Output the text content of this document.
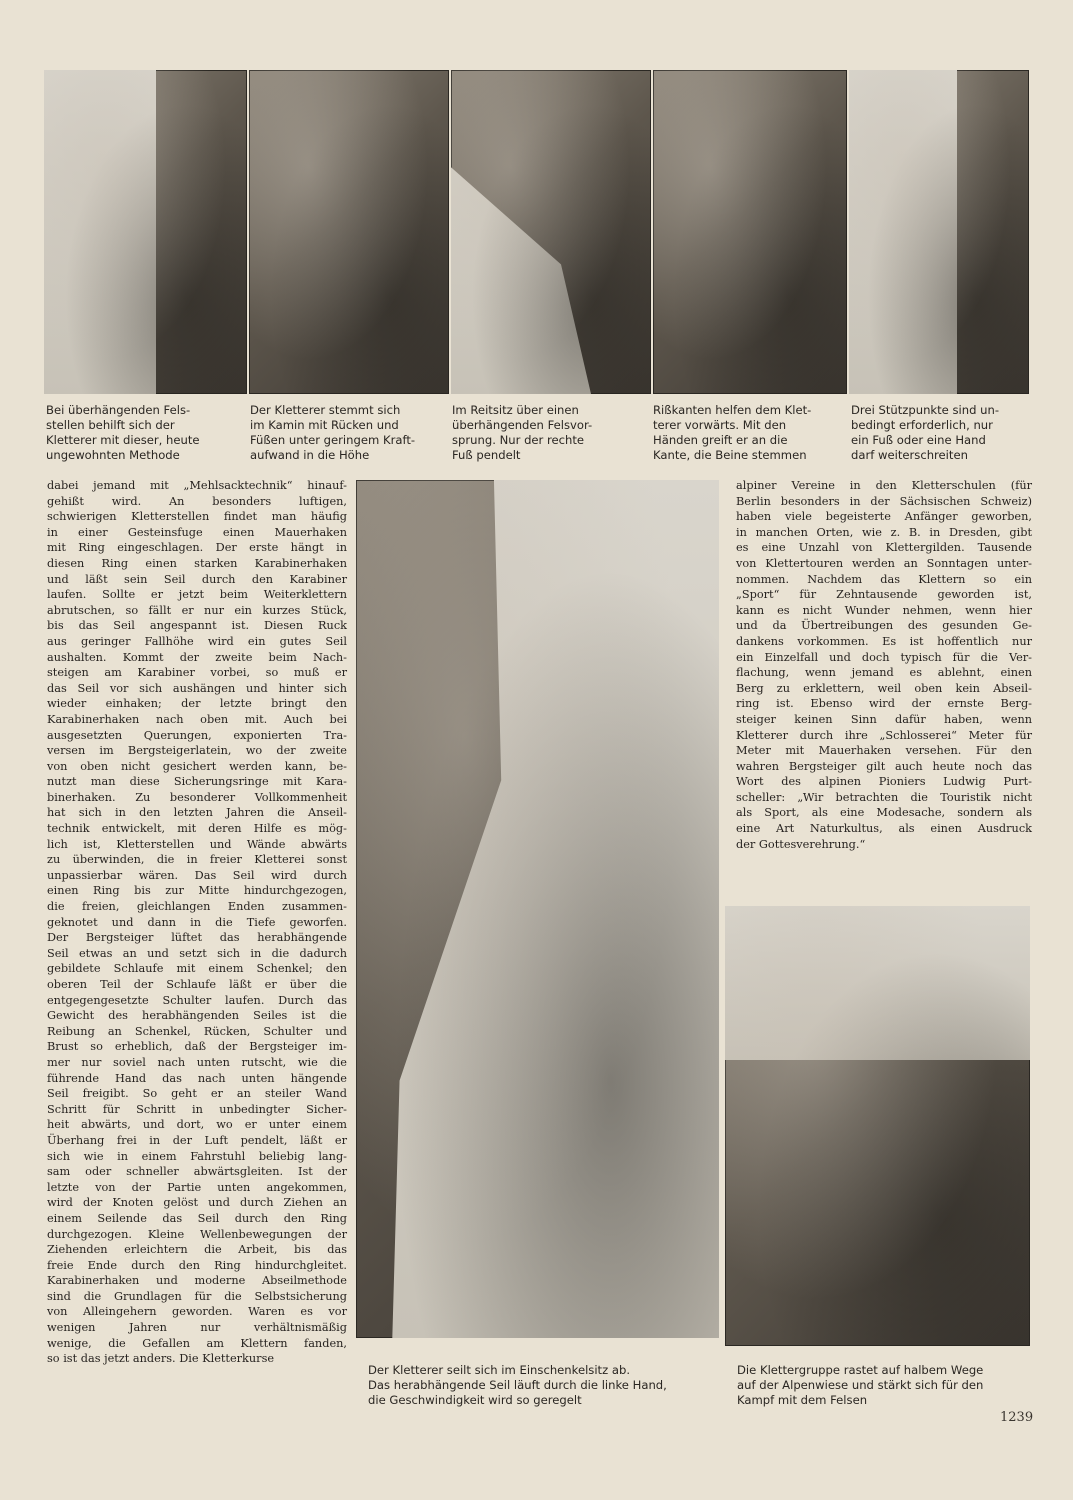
Bei überhängenden Fels-
stellen behilft sich der
Kletterer mit dieser, heute
ungewohnten Methode
Der Kletterer stemmt sich
im Kamin mit Rücken und
Füßen unter geringem Kraft-
aufwand in die Höhe
Im Reitsitz über einen
überhängenden Felsvor-
sprung. Nur der rechte
Fuß pendelt
Rißkanten helfen dem Klet-
terer vorwärts. Mit den
Händen greift er an die
Kante, die Beine stemmen
Drei Stützpunkte sind un-
bedingt erforderlich, nur
ein Fuß oder eine Hand
darf weiterschreiten
dabei jemand mit „Mehlsacktechnik“ hinauf-
gehißt wird. An besonders luftigen,
schwierigen Kletterstellen findet man häufig
in einer Gesteinsfuge einen Mauerhaken
mit Ring eingeschlagen. Der erste hängt in
diesen Ring einen starken Karabinerhaken
und läßt sein Seil durch den Karabiner
laufen. Sollte er jetzt beim Weiterklettern
abrutschen, so fällt er nur ein kurzes Stück,
bis das Seil angespannt ist. Diesen Ruck
aus geringer Fallhöhe wird ein gutes Seil
aushalten. Kommt der zweite beim Nach-
steigen am Karabiner vorbei, so muß er
das Seil vor sich aushängen und hinter sich
wieder einhaken; der letzte bringt den
Karabinerhaken nach oben mit. Auch bei
ausgesetzten Querungen, exponierten Tra-
versen im Bergsteigerlatein, wo der zweite
von oben nicht gesichert werden kann, be-
nutzt man diese Sicherungsringe mit Kara-
binerhaken. Zu besonderer Vollkommenheit
hat sich in den letzten Jahren die Anseil-
technik entwickelt, mit deren Hilfe es mög-
lich ist, Kletterstellen und Wände abwärts
zu überwinden, die in freier Kletterei sonst
unpassierbar wären. Das Seil wird durch
einen Ring bis zur Mitte hindurchgezogen,
die freien, gleichlangen Enden zusammen-
geknotet und dann in die Tiefe geworfen.
Der Bergsteiger lüftet das herabhängende
Seil etwas an und setzt sich in die dadurch
gebildete Schlaufe mit einem Schenkel; den
oberen Teil der Schlaufe läßt er über die
entgegengesetzte Schulter laufen. Durch das
Gewicht des herabhängenden Seiles ist die
Reibung an Schenkel, Rücken, Schulter und
Brust so erheblich, daß der Bergsteiger im-
mer nur soviel nach unten rutscht, wie die
führende Hand das nach unten hängende
Seil freigibt. So geht er an steiler Wand
Schritt für Schritt in unbedingter Sicher-
heit abwärts, und dort, wo er unter einem
Überhang frei in der Luft pendelt, läßt er
sich wie in einem Fahrstuhl beliebig lang-
sam oder schneller abwärtsgleiten. Ist der
letzte von der Partie unten angekommen,
wird der Knoten gelöst und durch Ziehen an
einem Seilende das Seil durch den Ring
durchgezogen. Kleine Wellenbewegungen der
Ziehenden erleichtern die Arbeit, bis das
freie Ende durch den Ring hindurchgleitet.
Karabinerhaken und moderne Abseilmethode
sind die Grundlagen für die Selbstsicherung
von Alleingehern geworden. Waren es vor
wenigen Jahren nur verhältnismäßig
wenige, die Gefallen am Klettern fanden,
so ist das jetzt anders. Die Kletterkurse
alpiner Vereine in den Kletterschulen (für
Berlin besonders in der Sächsischen Schweiz)
haben viele begeisterte Anfänger geworben,
in manchen Orten, wie z. B. in Dresden, gibt
es eine Unzahl von Klettergilden. Tausende
von Klettertouren werden an Sonntagen unter-
nommen. Nachdem das Klettern so ein
„Sport“ für Zehntausende geworden ist,
kann es nicht Wunder nehmen, wenn hier
und da Übertreibungen des gesunden Ge-
dankens vorkommen. Es ist hoffentlich nur
ein Einzelfall und doch typisch für die Ver-
flachung, wenn jemand es ablehnt, einen
Berg zu erklettern, weil oben kein Abseil-
ring ist. Ebenso wird der ernste Berg-
steiger keinen Sinn dafür haben, wenn
Kletterer durch ihre „Schlosserei“ Meter für
Meter mit Mauerhaken versehen. Für den
wahren Bergsteiger gilt auch heute noch das
Wort des alpinen Pioniers Ludwig Purt-
scheller: „Wir betrachten die Touristik nicht
als Sport, als eine Modesache, sondern als
eine Art Naturkultus, als einen Ausdruck
der Gottesverehrung.“
Der Kletterer seilt sich im Einschenkelsitz ab.
Das herabhängende Seil läuft durch die linke Hand,
die Geschwindigkeit wird so geregelt
Die Klettergruppe rastet auf halbem Wege
auf der Alpenwiese und stärkt sich für den
Kampf mit dem Felsen
1239
